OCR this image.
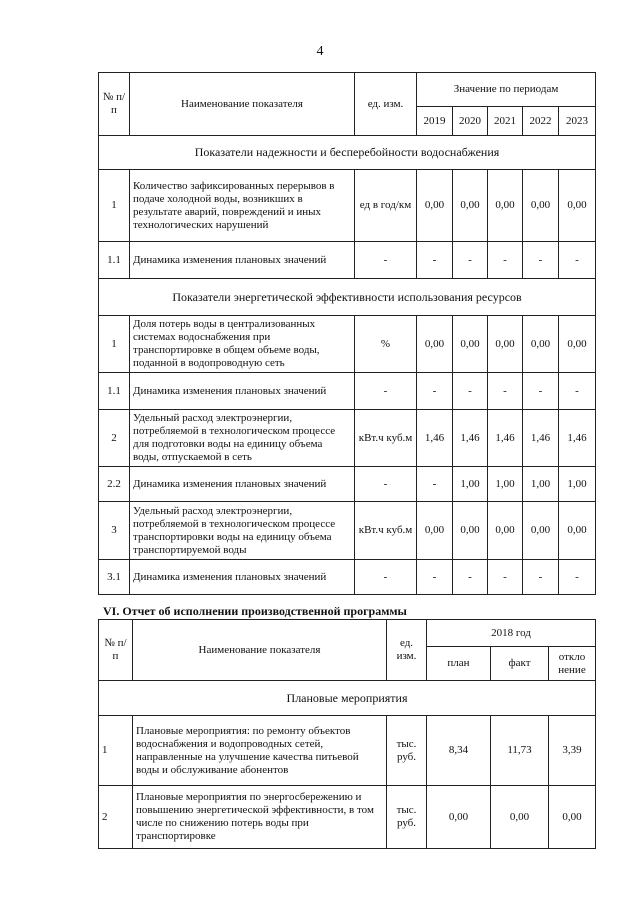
4
№ п/п	Наименование показателя	ед. изм.	Значение по периодам				
			2019	2020	2021	2022	2023
Показатели надежности и бесперебойности водоснабжения							
1	Количество зафиксированных перерывов в подаче холодной воды, возникших в результате аварий, повреждений и иных технологических нарушений	ед в год/км	0,00	0,00	0,00	0,00	0,00
1.1	Динамика изменения плановых значений	-	-	-	-	-	-
Показатели энергетической эффективности использования ресурсов							
1	Доля потерь воды в централизованных системах водоснабжения при транспортировке в общем объеме воды, поданной в водопроводную сеть	%	0,00	0,00	0,00	0,00	0,00
1.1	Динамика изменения плановых значений	-	-	-	-	-	-
2	Удельный расход электроэнергии, потребляемой в технологическом процессе для подготовки воды на единицу объема воды, отпускаемой в сеть	кВт.ч куб.м	1,46	1,46	1,46	1,46	1,46
2.2	Динамика изменения плановых значений	-	-	1,00	1,00	1,00	1,00
3	Удельный расход электроэнергии, потребляемой в технологическом процессе транспортировки воды на единицу объема транспортируемой воды	кВт.ч куб.м	0,00	0,00	0,00	0,00	0,00
3.1	Динамика изменения плановых значений	-	-	-	-	-	-
VI. Отчет об исполнении производственной программы
№ п/п	Наименование показателя	ед. изм.	2018 год		
			план	факт	откло нение
Плановые мероприятия					
1	Плановые мероприятия: по ремонту объектов водоснабжения и водопроводных сетей, направленные на улучшение качества питьевой воды и обслуживание абонентов	тыс. руб.	8,34	11,73	3,39
2	Плановые мероприятия по энергосбережению и повышению энергетической эффективности, в том числе по снижению потерь воды при транспортировке	тыс. руб.	0,00	0,00	0,00
